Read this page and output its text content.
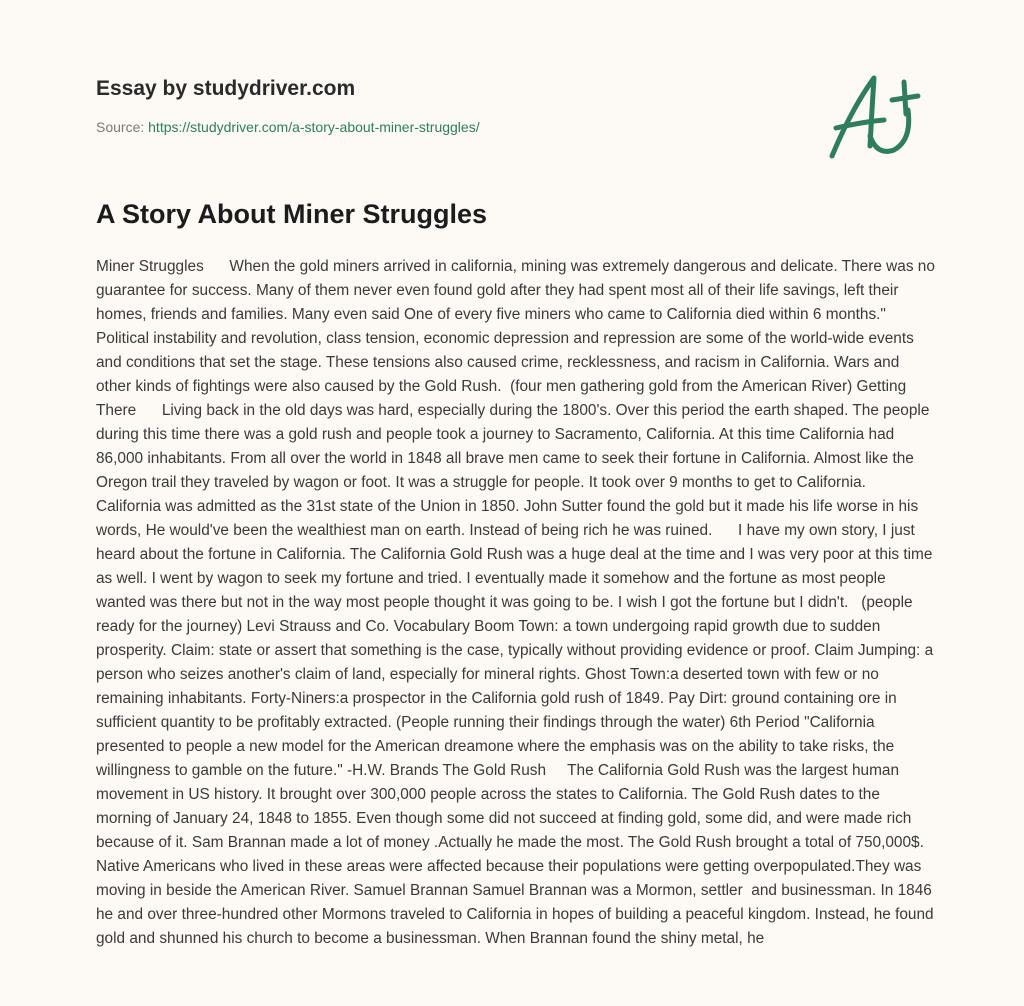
Essay by studydriver.com
Source: https://studydriver.com/a-story-about-miner-struggles/
A Story About Miner Struggles

Miner Struggles      When the gold miners arrived in california, mining was extremely dangerous and delicate. There was no guarantee for success. Many of them never even found gold after they had spent most all of their life savings, left their homes, friends and families. Many even said One of every five miners who came to California died within 6 months." Political instability and revolution, class tension, economic depression and repression are some of the world-wide events and conditions that set the stage. These tensions also caused crime, recklessness, and racism in California. Wars and other kinds of fightings were also caused by the Gold Rush.  (four men gathering gold from the American River) Getting There      Living back in the old days was hard, especially during the 1800's. Over this period the earth shaped. The people during this time there was a gold rush and people took a journey to Sacramento, California. At this time California had 86,000 inhabitants. From all over the world in 1848 all brave men came to seek their fortune in California. Almost like the Oregon trail they traveled by wagon or foot. It was a struggle for people. It took over 9 months to get to California.      California was admitted as the 31st state of the Union in 1850. John Sutter found the gold but it made his life worse in his words, He would've been the wealthiest man on earth. Instead of being rich he was ruined.      I have my own story, I just heard about the fortune in California. The California Gold Rush was a huge deal at the time and I was very poor at this time as well. I went by wagon to seek my fortune and tried. I eventually made it somehow and the fortune as most people wanted was there but not in the way most people thought it was going to be. I wish I got the fortune but I didn't.   (people ready for the journey) Levi Strauss and Co. Vocabulary Boom Town: a town undergoing rapid growth due to sudden prosperity. Claim: state or assert that something is the case, typically without providing evidence or proof. Claim Jumping: a person who seizes another's claim of land, especially for mineral rights. Ghost Town:a deserted town with few or no remaining inhabitants. Forty-Niners:a prospector in the California gold rush of 1849. Pay Dirt: ground containing ore in sufficient quantity to be profitably extracted. (People running their findings through the water) 6th Period "California presented to people a new model for the American dreamone where the emphasis was on the ability to take risks, the willingness to gamble on the future." -H.W. Brands The Gold Rush     The California Gold Rush was the largest human movement in US history. It brought over 300,000 people across the states to California. The Gold Rush dates to the morning of January 24, 1848 to 1855. Even though some did not succeed at finding gold, some did, and were made rich because of it. Sam Brannan made a lot of money .Actually he made the most. The Gold Rush brought a total of 750,000$. Native Americans who lived in these areas were affected because their populations were getting overpopulated.They was moving in beside the American River. Samuel Brannan Samuel Brannan was a Mormon, settler  and businessman. In 1846 he and over three-hundred other Mormons traveled to California in hopes of building a peaceful kingdom. Instead, he found gold and shunned his church to become a businessman. When Brannan found the shiny metal, he
